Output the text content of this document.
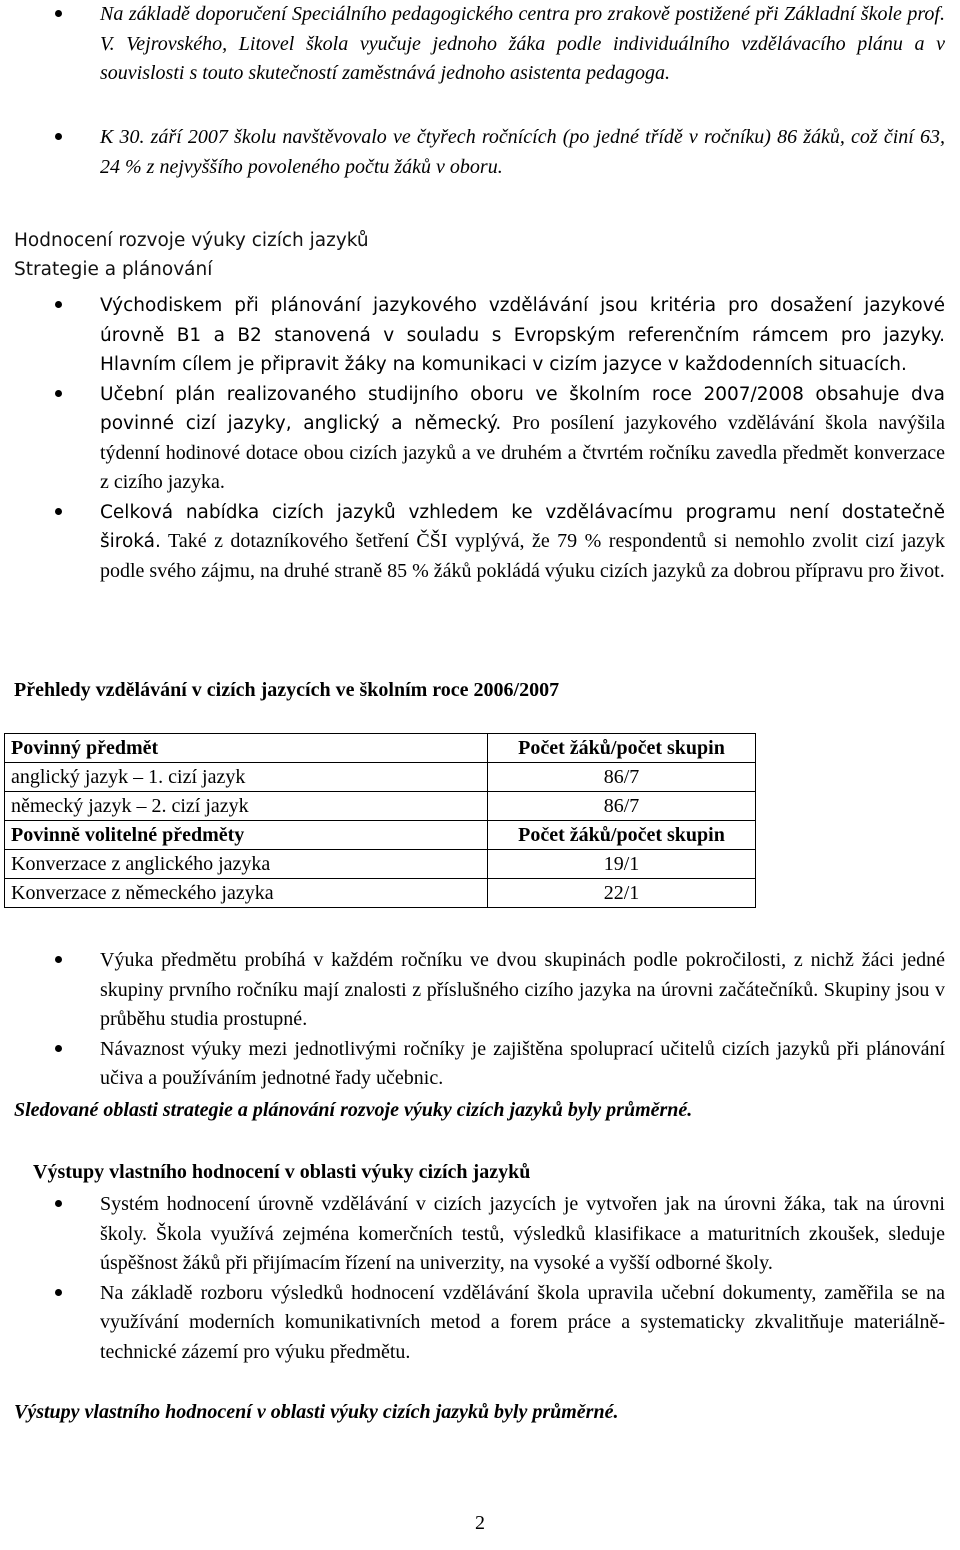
Na základě doporučení Speciálního pedagogického centra pro zrakově postižené při Základní škole prof. V. Vejrovského, Litovel škola vyučuje jednoho žáka podle individuálního vzdělávacího plánu a v souvislosti s touto skutečností zaměstnává jednoho asistenta pedagoga.

K 30. září 2007 školu navštěvovalo ve čtyřech ročnících (po jedné třídě v ročníku) 86 žáků, což činí 63, 24 % z nejvyššího povoleného počtu žáků v oboru.

Hodnocení rozvoje výuky cizích jazyků

Strategie a plánování

Východiskem při plánování jazykového vzdělávání jsou kritéria pro dosažení jazykové úrovně B1 a B2 stanovená v souladu s Evropským referenčním rámcem pro jazyky. Hlavním cílem je připravit žáky na komunikaci v cizím jazyce v každodenních situacích.

Učební plán realizovaného studijního oboru ve školním roce 2007/2008 obsahuje dva povinné cizí jazyky, anglický a německý. Pro posílení jazykového vzdělávání škola navýšila týdenní hodinové dotace obou cizích jazyků a ve druhém a čtvrtém ročníku zavedla předmět konverzace z cizího jazyka.

Celková nabídka cizích jazyků vzhledem ke vzdělávacímu programu není dostatečně široká. Také z dotazníkového šetření ČŠI vyplývá, že 79 % respondentů si nemohlo zvolit cizí jazyk podle svého zájmu, na druhé straně 85 % žáků pokládá výuku cizích jazyků za dobrou přípravu pro život.

Přehledy vzdělávání v cizích jazycích ve školním roce 2006/2007

Povinný předmět	Počet žáků/počet skupin
anglický jazyk – 1. cizí jazyk	86/7
německý jazyk – 2. cizí jazyk	86/7
Povinně volitelné předměty	Počet žáků/počet skupin
Konverzace z anglického jazyka	19/1
Konverzace z německého jazyka	22/1

Výuka předmětu probíhá v každém ročníku ve dvou skupinách podle pokročilosti, z nichž žáci jedné skupiny prvního ročníku mají znalosti z příslušného cizího jazyka na úrovni začátečníků. Skupiny jsou v průběhu studia prostupné.

Návaznost výuky mezi jednotlivými ročníky je zajištěna spoluprací učitelů cizích jazyků při plánování učiva a používáním jednotné řady učebnic.

Sledované oblasti strategie a plánování rozvoje výuky cizích jazyků byly průměrné.

Výstupy vlastního hodnocení v oblasti výuky cizích jazyků

Systém hodnocení úrovně vzdělávání v cizích jazycích je vytvořen jak na úrovni žáka, tak na úrovni školy. Škola využívá zejména komerčních testů, výsledků klasifikace a maturitních zkoušek, sleduje úspěšnost žáků při přijímacím řízení na univerzity, na vysoké a vyšší odborné školy.

Na základě rozboru výsledků hodnocení vzdělávání škola upravila učební dokumenty, zaměřila se na využívání moderních komunikativních metod a forem práce a systematicky zkvalitňuje materiálně-technické zázemí pro výuku předmětu.

Výstupy vlastního hodnocení v oblasti výuky cizích jazyků byly průměrné.

2
